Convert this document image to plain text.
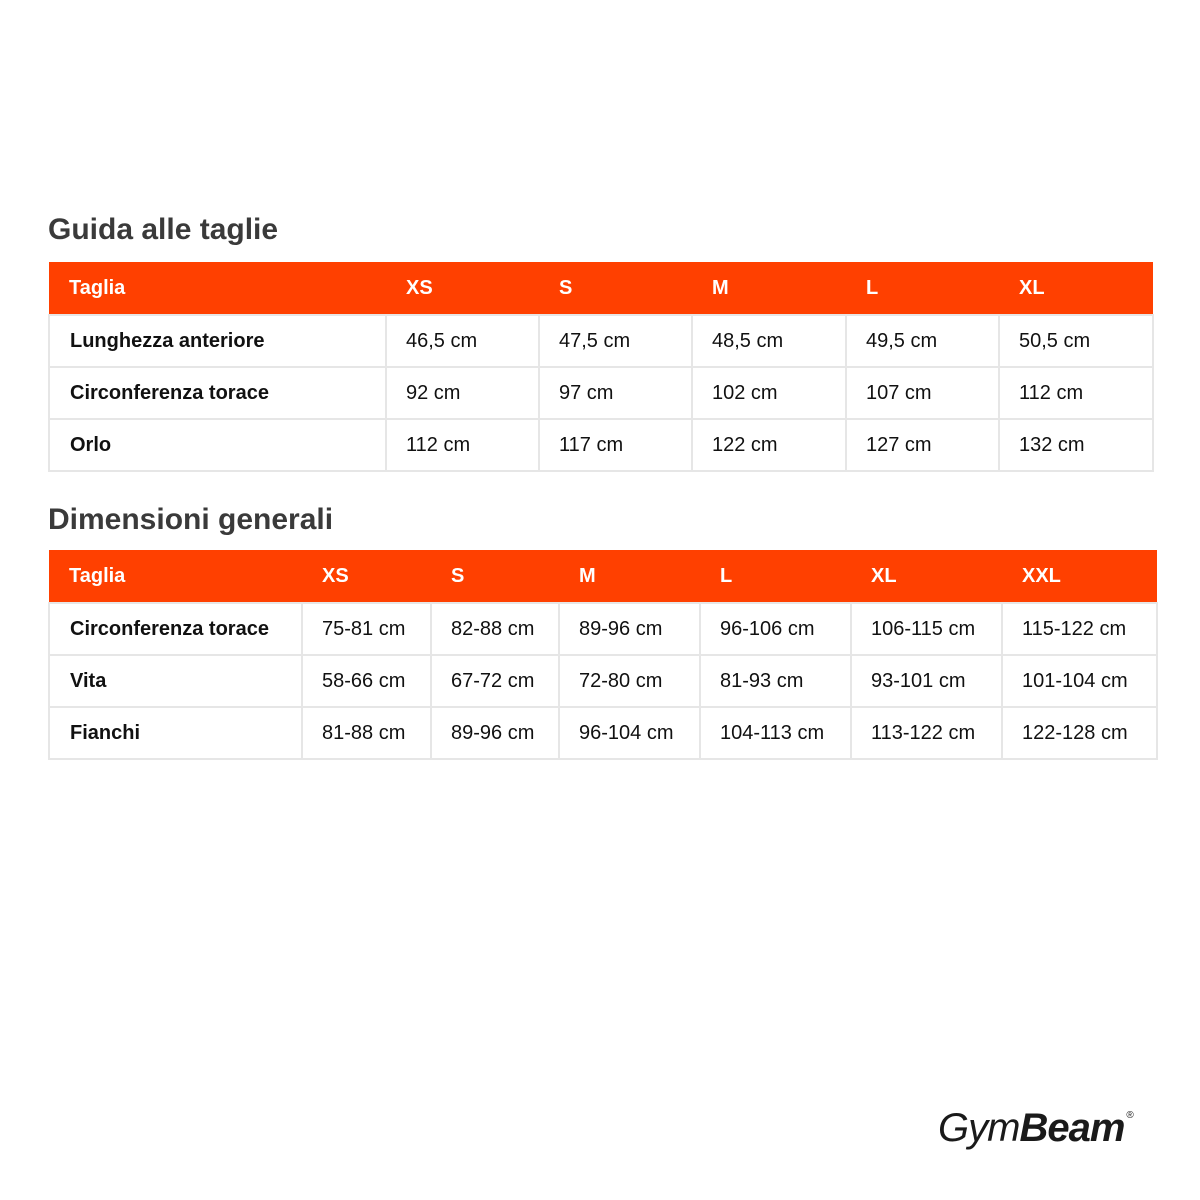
Guida alle taglie
Taglia	XS	S	M	L	XL
Lunghezza anteriore	46,5 cm	47,5 cm	48,5 cm	49,5 cm	50,5 cm
Circonferenza torace	92 cm	97 cm	102 cm	107 cm	112 cm
Orlo	112 cm	117 cm	122 cm	127 cm	132 cm
Dimensioni generali
Taglia	XS	S	M	L	XL	XXL
Circonferenza torace	75-81 cm	82-88 cm	89-96 cm	96-106 cm	106-115 cm	115-122 cm
Vita	58-66 cm	67-72 cm	72-80 cm	81-93 cm	93-101 cm	101-104 cm
Fianchi	81-88 cm	89-96 cm	96-104 cm	104-113 cm	113-122 cm	122-128 cm
GymBeam ®
